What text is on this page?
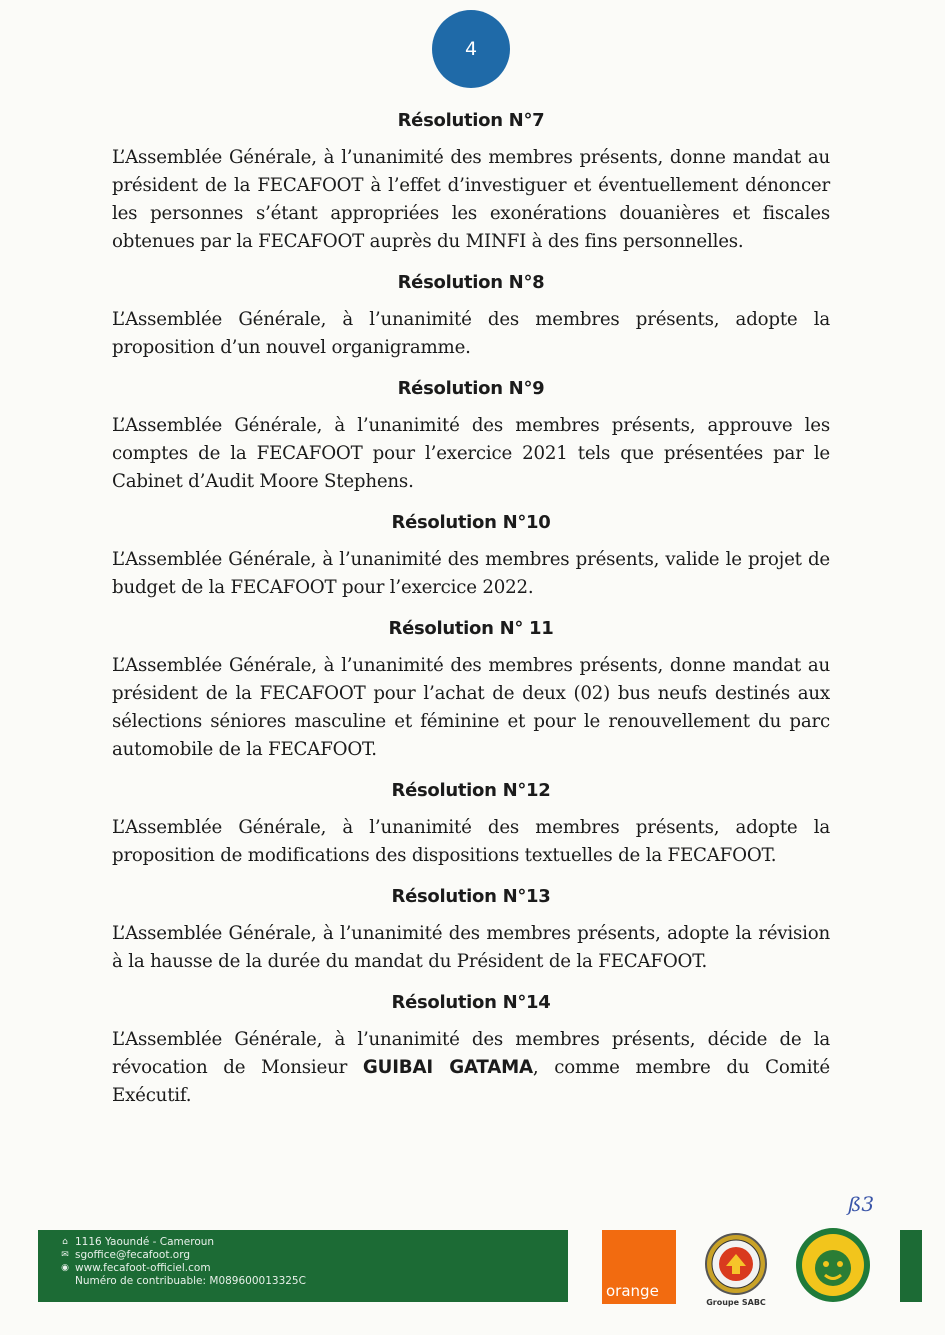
4

Résolution N°7

L’Assemblée Générale, à l’unanimité des membres présents, donne mandat au président de la FECAFOOT à l’effet d’investiguer et éventuellement dénoncer les personnes s’étant appropriées les exonérations douanières et fiscales obtenues par la FECAFOOT auprès du MINFI à des fins personnelles.

Résolution N°8

L’Assemblée Générale, à l’unanimité des membres présents, adopte la proposition d’un nouvel organigramme.

Résolution N°9

L’Assemblée Générale, à l’unanimité des membres présents, approuve les comptes de la FECAFOOT pour l’exercice 2021 tels que présentées par le Cabinet d’Audit Moore Stephens.

Résolution N°10

L’Assemblée Générale, à l’unanimité des membres présents, valide le projet de budget de la FECAFOOT pour l’exercice 2022.

Résolution N° 11

L’Assemblée Générale, à l’unanimité des membres présents, donne mandat au président de la FECAFOOT pour l’achat de deux (02) bus neufs destinés aux sélections séniores masculine et féminine et pour le renouvellement du parc automobile de la FECAFOOT.

Résolution N°12

L’Assemblée Générale, à l’unanimité des membres présents, adopte la proposition de modifications des dispositions textuelles de la FECAFOOT.

Résolution N°13

L’Assemblée Générale, à l’unanimité des membres présents, adopte la révision à la hausse de la durée du mandat du Président de la FECAFOOT.

Résolution N°14

L’Assemblée Générale, à l’unanimité des membres présents, décide de la révocation de Monsieur GUIBAI GATAMA, comme membre du Comité Exécutif.

ß3
⌂ 1116 Yaoundé - Cameroun
✉ sgoffice@fecafoot.org
◉ www.fecafoot-officiel.com
Numéro de contribuable: M089600013325C
orange
Groupe SABC
